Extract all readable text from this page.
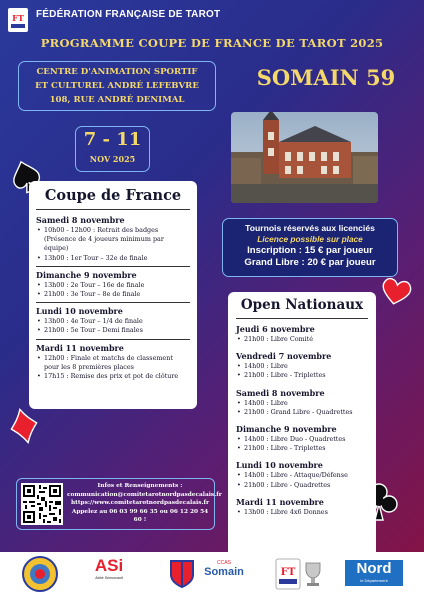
FT FÉDÉRATION FRANÇAISE DE TAROT
PROGRAMME COUPE DE FRANCE DE TAROT 2025
CENTRE D'ANIMATION SPORTIF
ET CULTUREL ANDRÉ LEFEBVRE
108, RUE ANDRÉ DENIMAL
SOMAIN 59
7 - 11
NOV 2025
Coupe de France
Samedi 8 novembre
• 10h00 - 12h00 : Retrait des badges
(Présence de 4 joueurs minimum par équipe)
• 13h00 : 1er Tour – 32e de finale
Dimanche 9 novembre
• 13h00 : 2e Tour – 16e de finale
• 21h00 : 3e Tour – 8e de finale
Lundi 10 novembre
• 13h00 : 4e Tour – 1/4 de finale
• 21h00 : 5e Tour – Demi finales
Mardi 11 novembre
• 12h00 : Finale et matchs de classement pour les 8 premières places
• 17h15 : Remise des prix et pot de clôture
Tournois réservés aux licenciés
Licence possible sur place
Inscription : 15 € par joueur
Grand Libre : 20 € par joueur
Open Nationaux
Jeudi 6 novembre
• 21h00 : Libre Comité
Vendredi 7 novembre
• 14h00 : Libre
• 21h00 : Libre - Triplettes
Samedi 8 novembre
• 14h00 : Libre
• 21h00 : Grand Libre - Quadrettes
Dimanche 9 novembre
• 14h00 : Libre Duo - Quadrettes
• 21h00 : Libre - Triplettes
Lundi 10 novembre
• 14h00 : Libre - Attaque/Défense
• 21h00 : Libre - Quadrettes
Mardi 11 novembre
• 13h00 : Libre 4x6 Donnes
Infos et Renseignements :
communication@comitetarotnordpasdecalais.fr
https://www.comitetarotnordpasdecalais.fr
Appelez au 06 03 99 66 35 ou 06 12 20 54 60 !
ASi
Abbé Sémurcault
CCAS
Somain	FT	Nord
le Département
